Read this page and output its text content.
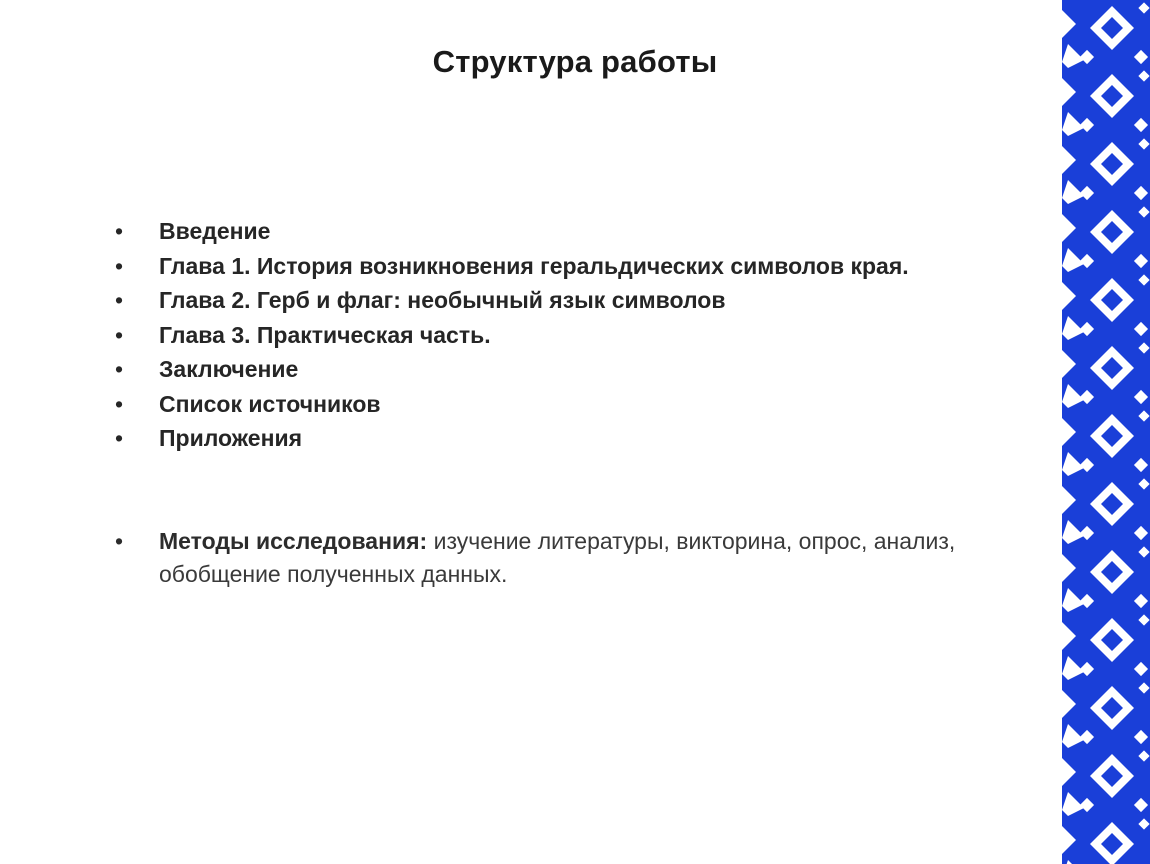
Структура работы
• Введение
• Глава 1. История возникновения геральдических символов края.
• Глава 2. Герб и флаг: необычный язык символов
• Глава 3. Практическая часть.
• Заключение
• Список источников
• Приложения
• Методы исследования: изучение литературы, викторина, опрос, анализ, обобщение полученных данных.
